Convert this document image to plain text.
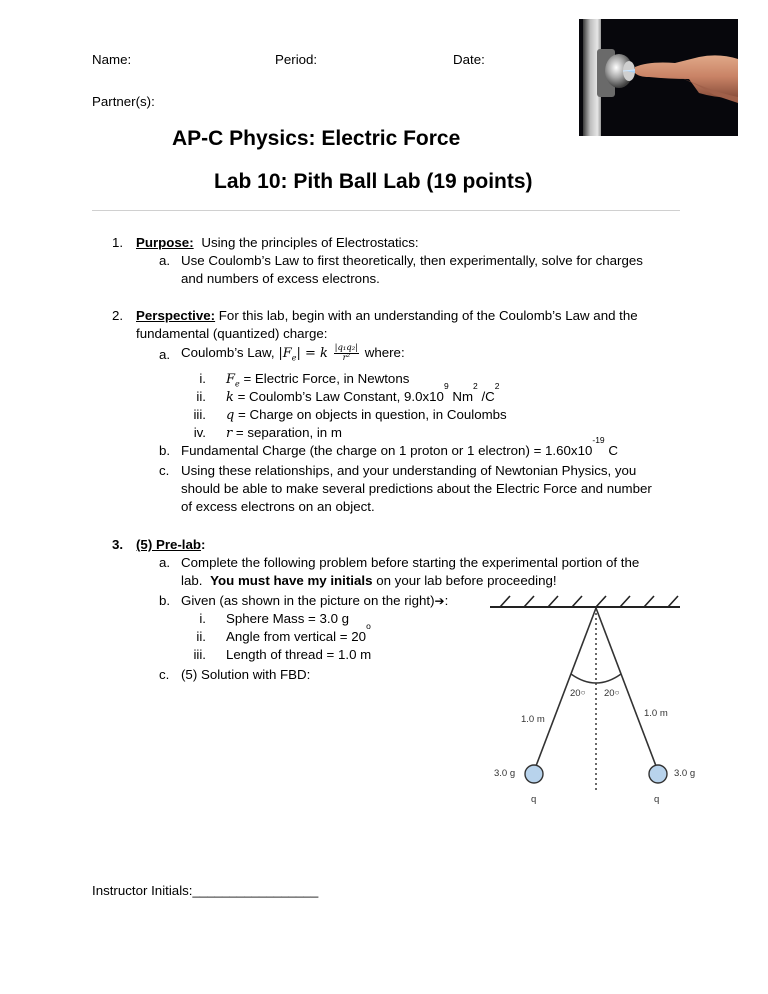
Name:	Period:	Date:
Partner(s):
AP-C Physics: Electric Force
Lab 10: Pith Ball Lab (19 points)
1. Purpose: Using the principles of Electrostatics:
a. Use Coulomb’s Law to first theoretically, then experimentally, solve for charges
and numbers of excess electrons.
2. Perspective: For this lab, begin with an understanding of the Coulomb’s Law and the
fundamental (quantized) charge:
a. Coulomb’s Law, $|F_e| = k \frac{\text{|q₁q₂|}}{\text{r²}}$ where:
i. $F_e$ = Electric Force, in Newtons
ii. k = Coulomb’s Law Constant, $9.0x10^9$ Nm$^2$ $/C^2$
iii. q = Charge on objects in question, in Coulombs
iv. r = separation, in m
b. Fundamental Charge (the charge on 1 proton or 1 electron) = $1.60x10^{-19}$ C
c. Using these relationships, and your understanding of Newtonian Physics, you
should be able to make several predictions about the Electric Force and number
of excess electrons on an object.
3. (5) Pre-lab:
a. Complete the following problem before starting the experimental portion of the
lab. You must have my initials on your lab before proceeding!
b. Given (as shown in the picture on the right)➔:
i. Sphere Mass = 3.0 g
ii. Angle from vertical = $20^o$
iii. Length of thread = 1.0 m
c. (5) Solution with FBD:
20○ 20○
1.0 m
1.0 m
3.0 g	3.0 g
q	q
Instructor Initials:_________________
